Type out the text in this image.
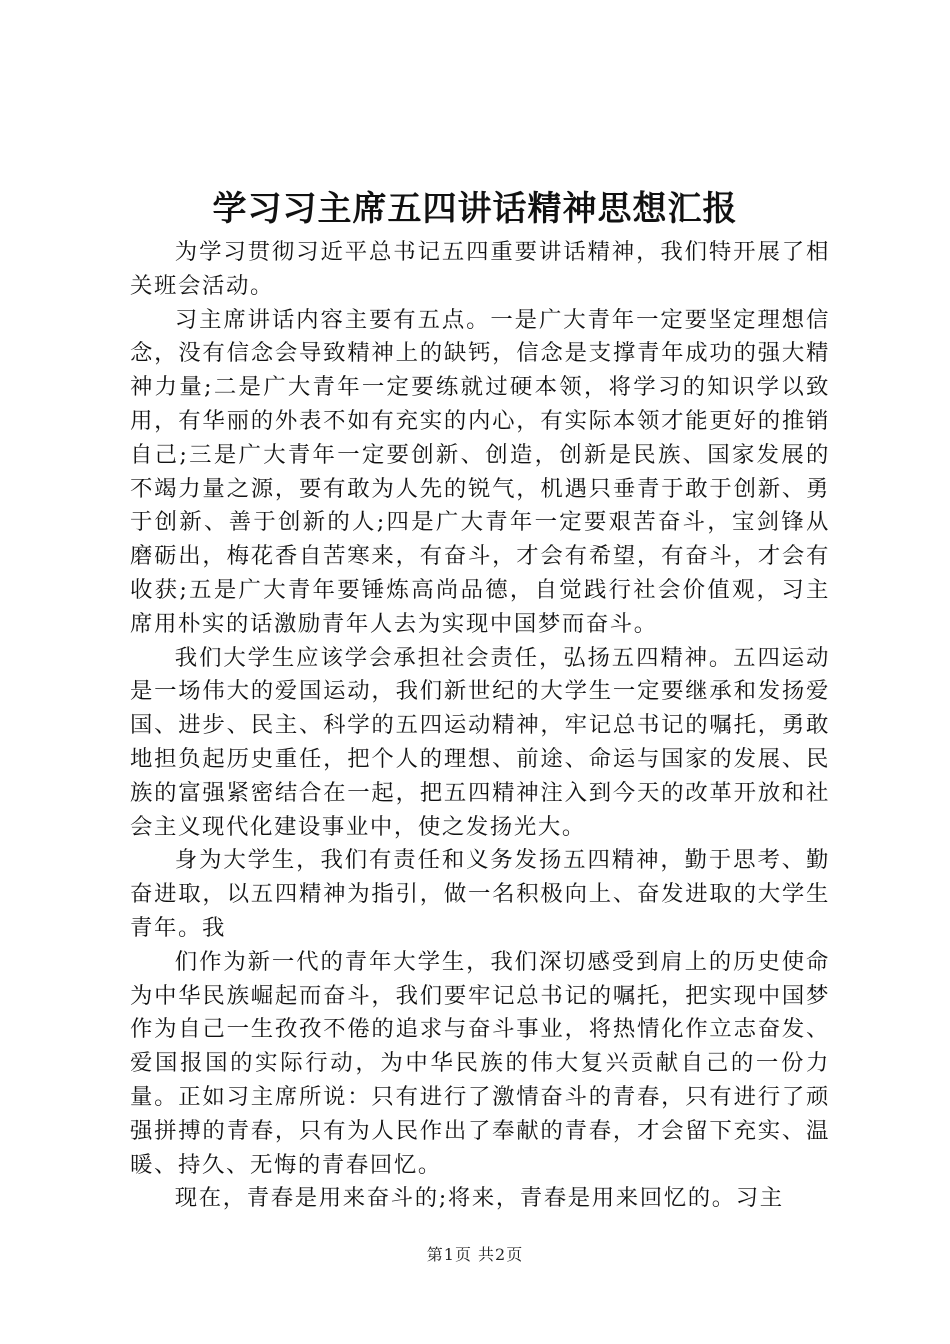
学习习主席五四讲话精神思想汇报

为学习贯彻习近平总书记五四重要讲话精神，我们特开展了相关班会活动。

习主席讲话内容主要有五点。一是广大青年一定要坚定理想信念，没有信念会导致精神上的缺钙，信念是支撑青年成功的强大精神力量;二是广大青年一定要练就过硬本领，将学习的知识学以致用，有华丽的外表不如有充实的内心，有实际本领才能更好的推销自己;三是广大青年一定要创新、创造，创新是民族、国家发展的不竭力量之源，要有敢为人先的锐气，机遇只垂青于敢于创新、勇于创新、善于创新的人;四是广大青年一定要艰苦奋斗，宝剑锋从磨砺出，梅花香自苦寒来，有奋斗，才会有希望，有奋斗，才会有收获;五是广大青年要锤炼高尚品德，自觉践行社会价值观，习主席用朴实的话激励青年人去为实现中国梦而奋斗。

我们大学生应该学会承担社会责任，弘扬五四精神。五四运动是一场伟大的爱国运动，我们新世纪的大学生一定要继承和发扬爱国、进步、民主、科学的五四运动精神，牢记总书记的嘱托，勇敢地担负起历史重任，把个人的理想、前途、命运与国家的发展、民族的富强紧密结合在一起，把五四精神注入到今天的改革开放和社会主义现代化建设事业中，使之发扬光大。

身为大学生，我们有责任和义务发扬五四精神，勤于思考、勤奋进取，以五四精神为指引，做一名积极向上、奋发进取的大学生青年。我

们作为新一代的青年大学生，我们深切感受到肩上的历史使命为中华民族崛起而奋斗，我们要牢记总书记的嘱托，把实现中国梦作为自己一生孜孜不倦的追求与奋斗事业，将热情化作立志奋发、爱国报国的实际行动，为中华民族的伟大复兴贡献自己的一份力量。正如习主席所说：只有进行了激情奋斗的青春，只有进行了顽强拼搏的青春，只有为人民作出了奉献的青春，才会留下充实、温暖、持久、无悔的青春回忆。

现在，青春是用来奋斗的;将来，青春是用来回忆的。习主

第1页 共2页
